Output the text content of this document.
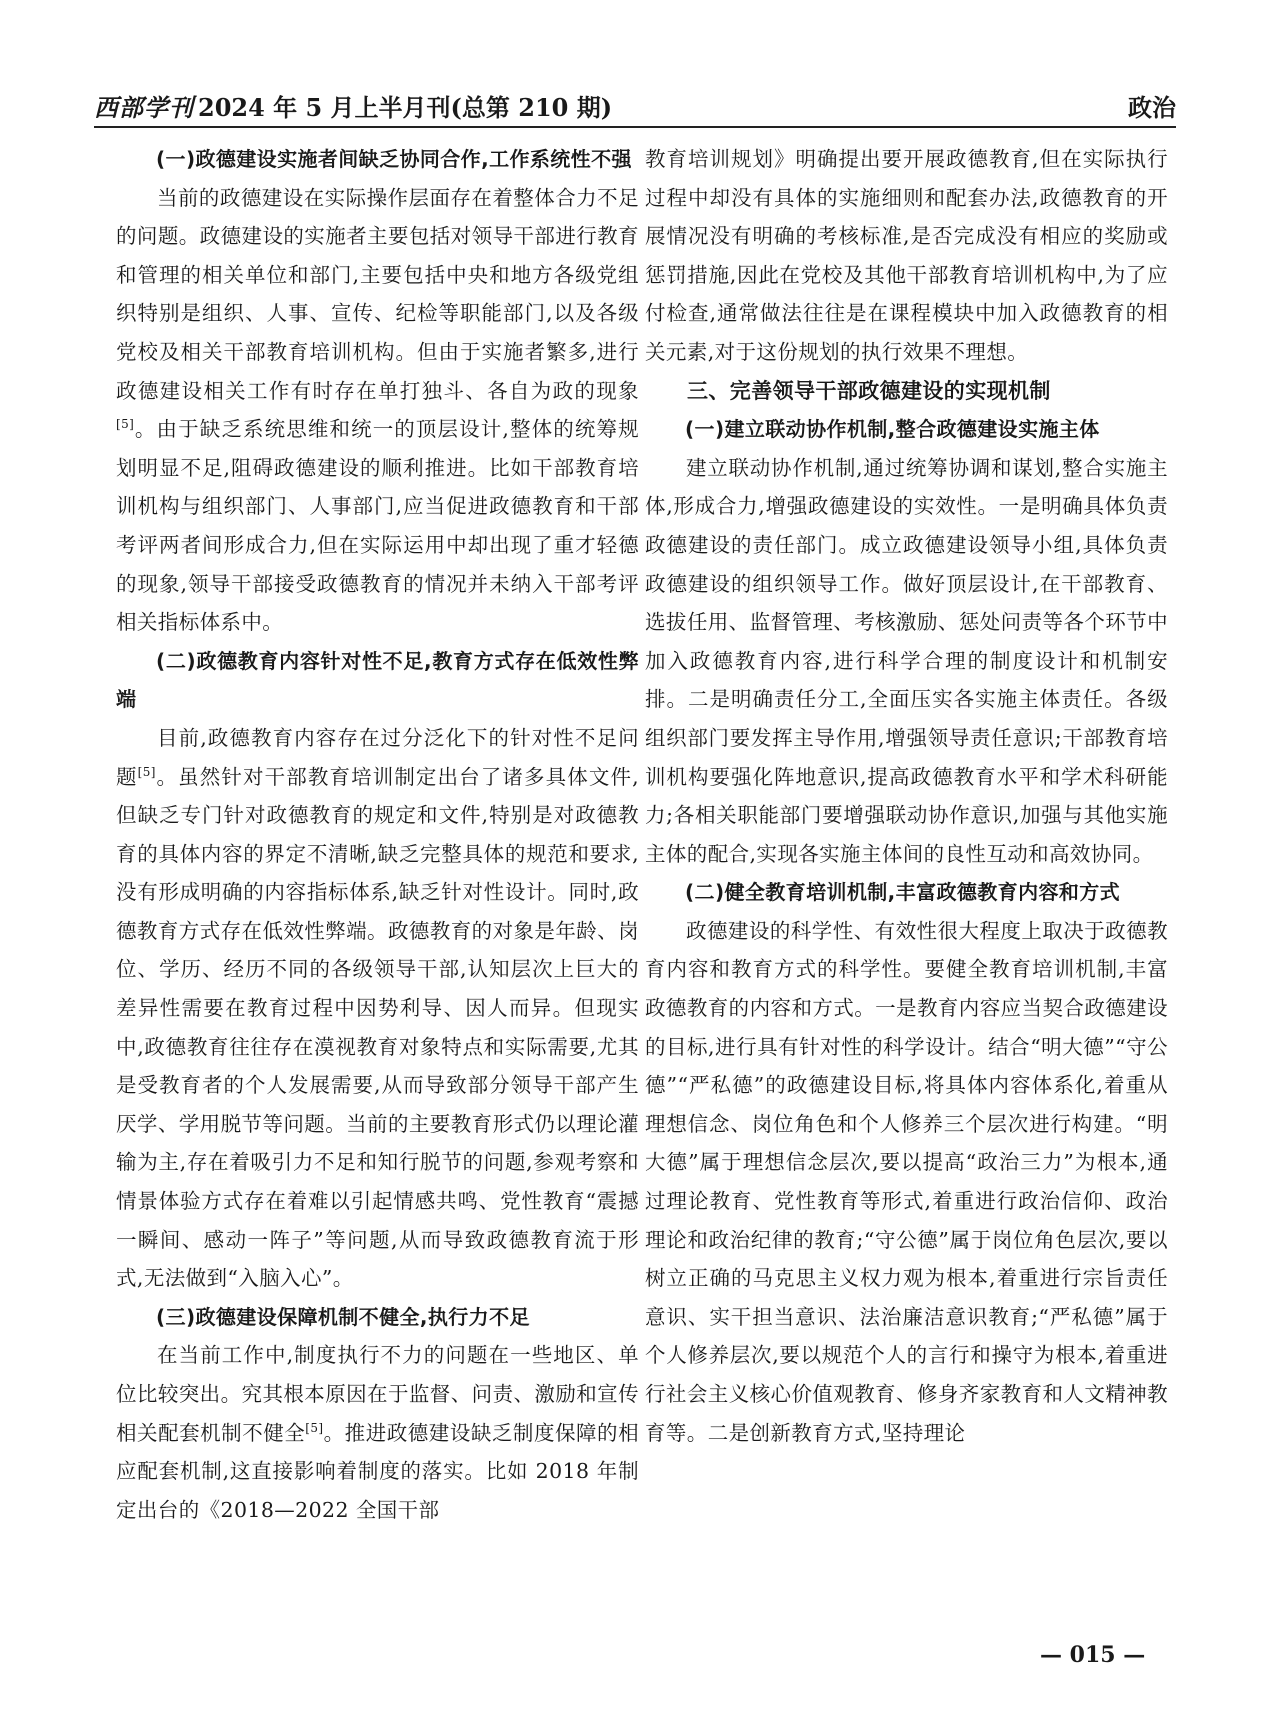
西部学刊 2024 年 5 月上半月刊(总第 210 期)	政治
(一)政德建设实施者间缺乏协同合作,工作系统性不强

当前的政德建设在实际操作层面存在着整体合力不足的问题。政德建设的实施者主要包括对领导干部进行教育和管理的相关单位和部门,主要包括中央和地方各级党组织特别是组织、人事、宣传、纪检等职能部门,以及各级党校及相关干部教育培训机构。但由于实施者繁多,进行政德建设相关工作有时存在单打独斗、各自为政的现象[5]。由于缺乏系统思维和统一的顶层设计,整体的统筹规划明显不足,阻碍政德建设的顺利推进。比如干部教育培训机构与组织部门、人事部门,应当促进政德教育和干部考评两者间形成合力,但在实际运用中却出现了重才轻德的现象,领导干部接受政德教育的情况并未纳入干部考评相关指标体系中。

(二)政德教育内容针对性不足,教育方式存在低效性弊端

目前,政德教育内容存在过分泛化下的针对性不足问题[5]。虽然针对干部教育培训制定出台了诸多具体文件,但缺乏专门针对政德教育的规定和文件,特别是对政德教育的具体内容的界定不清晰,缺乏完整具体的规范和要求,没有形成明确的内容指标体系,缺乏针对性设计。同时,政德教育方式存在低效性弊端。政德教育的对象是年龄、岗位、学历、经历不同的各级领导干部,认知层次上巨大的差异性需要在教育过程中因势利导、因人而异。但现实中,政德教育往往存在漠视教育对象特点和实际需要,尤其是受教育者的个人发展需要,从而导致部分领导干部产生厌学、学用脱节等问题。当前的主要教育形式仍以理论灌输为主,存在着吸引力不足和知行脱节的问题,参观考察和情景体验方式存在着难以引起情感共鸣、党性教育“震撼一瞬间、感动一阵子”等问题,从而导致政德教育流于形式,无法做到“入脑入心”。

(三)政德建设保障机制不健全,执行力不足

在当前工作中,制度执行不力的问题在一些地区、单位比较突出。究其根本原因在于监督、问责、激励和宣传相关配套机制不健全[5]。推进政德建设缺乏制度保障的相应配套机制,这直接影响着制度的落实。比如 2018 年制定出台的《2018—2022 全国干部

教育培训规划》明确提出要开展政德教育,但在实际执行过程中却没有具体的实施细则和配套办法,政德教育的开展情况没有明确的考核标准,是否完成没有相应的奖励或惩罚措施,因此在党校及其他干部教育培训机构中,为了应付检查,通常做法往往是在课程模块中加入政德教育的相关元素,对于这份规划的执行效果不理想。

三、完善领导干部政德建设的实现机制
(一)建立联动协作机制,整合政德建设实施主体

建立联动协作机制,通过统筹协调和谋划,整合实施主体,形成合力,增强政德建设的实效性。一是明确具体负责政德建设的责任部门。成立政德建设领导小组,具体负责政德建设的组织领导工作。做好顶层设计,在干部教育、选拔任用、监督管理、考核激励、惩处问责等各个环节中加入政德教育内容,进行科学合理的制度设计和机制安排。二是明确责任分工,全面压实各实施主体责任。各级组织部门要发挥主导作用,增强领导责任意识;干部教育培训机构要强化阵地意识,提高政德教育水平和学术科研能力;各相关职能部门要增强联动协作意识,加强与其他实施主体的配合,实现各实施主体间的良性互动和高效协同。

(二)健全教育培训机制,丰富政德教育内容和方式

政德建设的科学性、有效性很大程度上取决于政德教育内容和教育方式的科学性。要健全教育培训机制,丰富政德教育的内容和方式。一是教育内容应当契合政德建设的目标,进行具有针对性的科学设计。结合“明大德”“守公德”“严私德”的政德建设目标,将具体内容体系化,着重从理想信念、岗位角色和个人修养三个层次进行构建。“明大德”属于理想信念层次,要以提高“政治三力”为根本,通过理论教育、党性教育等形式,着重进行政治信仰、政治理论和政治纪律的教育;“守公德”属于岗位角色层次,要以树立正确的马克思主义权力观为根本,着重进行宗旨责任意识、实干担当意识、法治廉洁意识教育;“严私德”属于个人修养层次,要以规范个人的言行和操守为根本,着重进行社会主义核心价值观教育、修身齐家教育和人文精神教育等。二是创新教育方式,坚持理论

— 015 —
